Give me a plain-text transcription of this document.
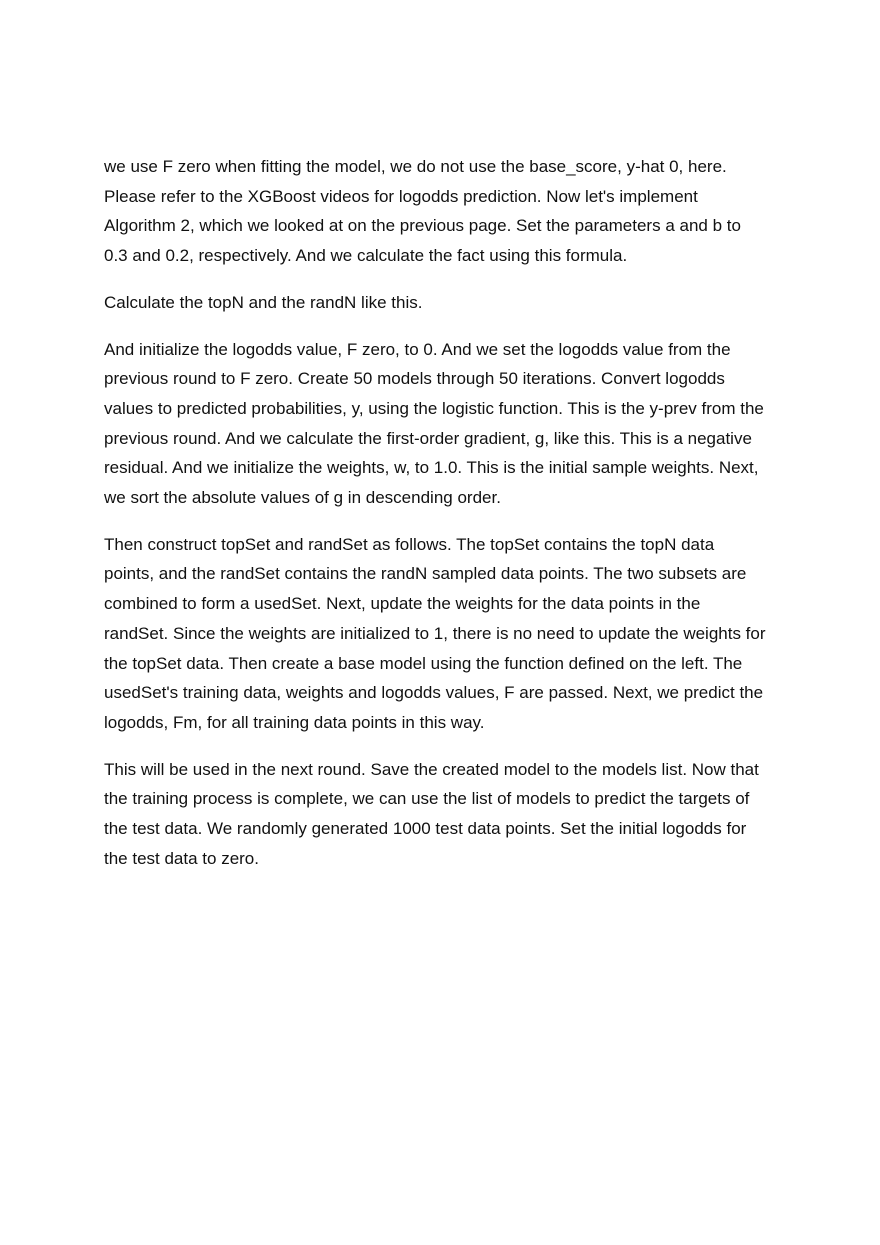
we use F zero when fitting the model, we do not use the base_score, y-hat 0, here.
Please refer to the XGBoost videos for logodds prediction. Now let's implement
Algorithm 2, which we looked at on the previous page. Set the parameters a and b to
0.3 and 0.2, respectively. And we calculate the fact using this formula.

Calculate the topN and the randN like this.

And initialize the logodds value, F zero, to 0. And we set the logodds value from the
previous round to F zero. Create 50 models through 50 iterations. Convert logodds
values to predicted probabilities, y, using the logistic function. This is the y-prev from the
previous round. And we calculate the first-order gradient, g, like this. This is a negative
residual. And we initialize the weights, w, to 1.0. This is the initial sample weights. Next,
we sort the absolute values of g in descending order.

Then construct topSet and randSet as follows. The topSet contains the topN data
points, and the randSet contains the randN sampled data points. The two subsets are
combined to form a usedSet. Next, update the weights for the data points in the
randSet. Since the weights are initialized to 1, there is no need to update the weights for
the topSet data. Then create a base model using the function defined on the left. The
usedSet's training data, weights and logodds values, F are passed. Next, we predict the
logodds, Fm, for all training data points in this way.

This will be used in the next round. Save the created model to the models list. Now that
the training process is complete, we can use the list of models to predict the targets of
the test data. We randomly generated 1000 test data points. Set the initial logodds for
the test data to zero.
